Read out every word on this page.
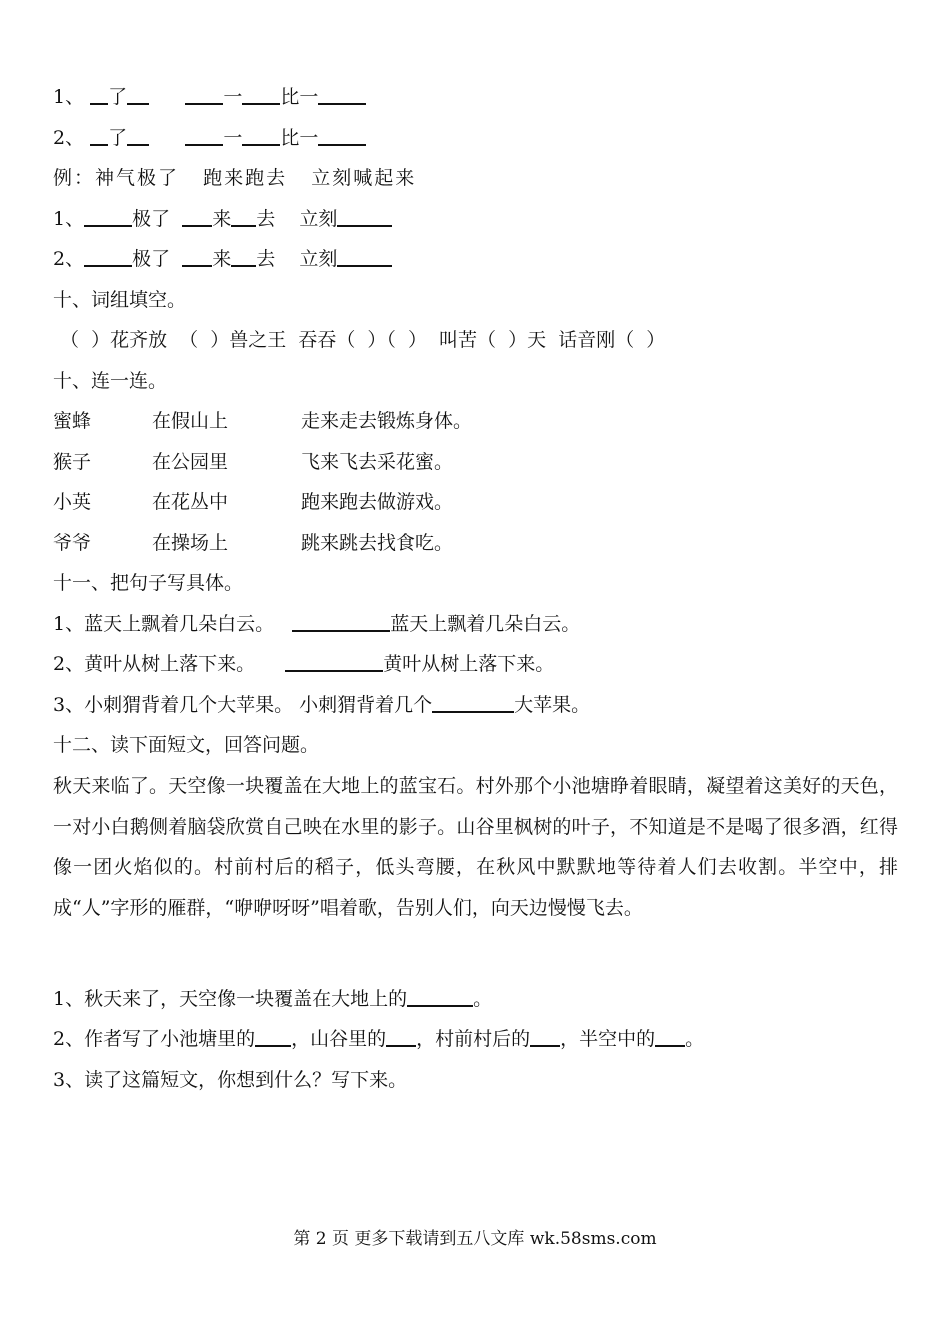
1、 了	一 比一
2、 了	一 比一
例：神气极了   跑来跑去   立刻喊起来
1、	极了 来 去 立刻
2、	极了 来 去 立刻
十、词组填空。
（  ）花齐放  （  ）兽之王  吞吞（  ）（  ）  叫苦（  ）天  话音刚（  ）
十、连一连。
蜜蜂	在假山上	走来走去锻炼身体。
猴子	在公园里	飞来飞去采花蜜。
小英	在花丛中	跑来跑去做游戏。
爷爷	在操场上	跳来跳去找食吃。
十一、把句子写具体。
1、蓝天上飘着几朵白云。	蓝天上飘着几朵白云。
2、黄叶从树上落下来。	黄叶从树上落下来。
3、小刺猬背着几个大苹果。 小刺猬背着几个	大苹果。
十二、读下面短文，回答问题。
秋天来临了。天空像一块覆盖在大地上的蓝宝石。村外那个小池塘睁着眼睛，凝望着这美好的天色，一对小白鹅侧着脑袋欣赏自己映在水里的影子。山谷里枫树的叶子，不知道是不是喝了很多酒，红得像一团火焰似的。村前村后的稻子，低头弯腰，在秋风中默默地等待着人们去收割。半空中，排成“人”字形的雁群，“咿咿呀呀”唱着歌，告别人们，向天边慢慢飞去。
1、秋天来了，天空像一块覆盖在大地上的	。
2、作者写了小池塘里的 ，山谷里的 ，村前村后的 ，半空中的 。
3、读了这篇短文，你想到什么？写下来。
第 2 页 更多下载请到五八文库 wk.58sms.com
